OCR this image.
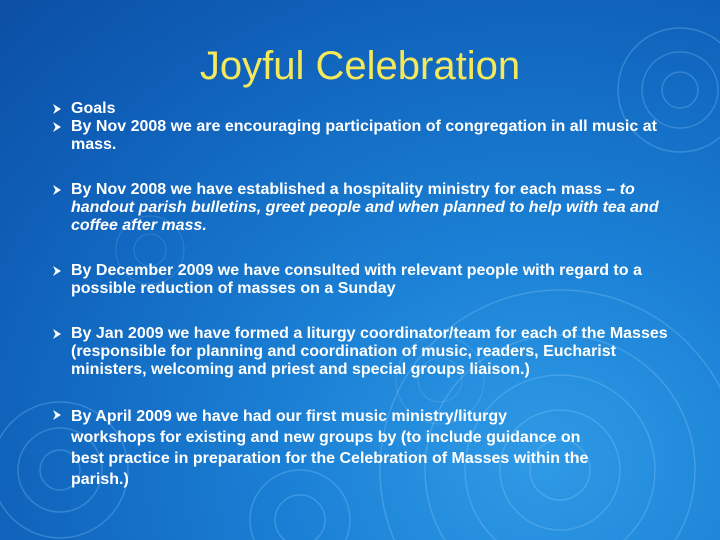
Joyful Celebration
Goals
By Nov 2008 we are encouraging participation of congregation in all music at mass.
By Nov 2008 we have established a hospitality ministry for each mass – to handout parish bulletins, greet people and when planned to help with tea and coffee after mass.
By December 2009 we have consulted with relevant people with regard to a possible reduction of masses on a Sunday
By Jan 2009 we have formed a liturgy coordinator/team for each of the Masses (responsible for planning and coordination of music, readers, Eucharist ministers, welcoming and priest and special groups liaison.)
By April 2009 we have had our first music ministry/liturgy workshops for existing and new groups by (to include guidance on best practice in preparation for the Celebration of Masses within the parish.)
